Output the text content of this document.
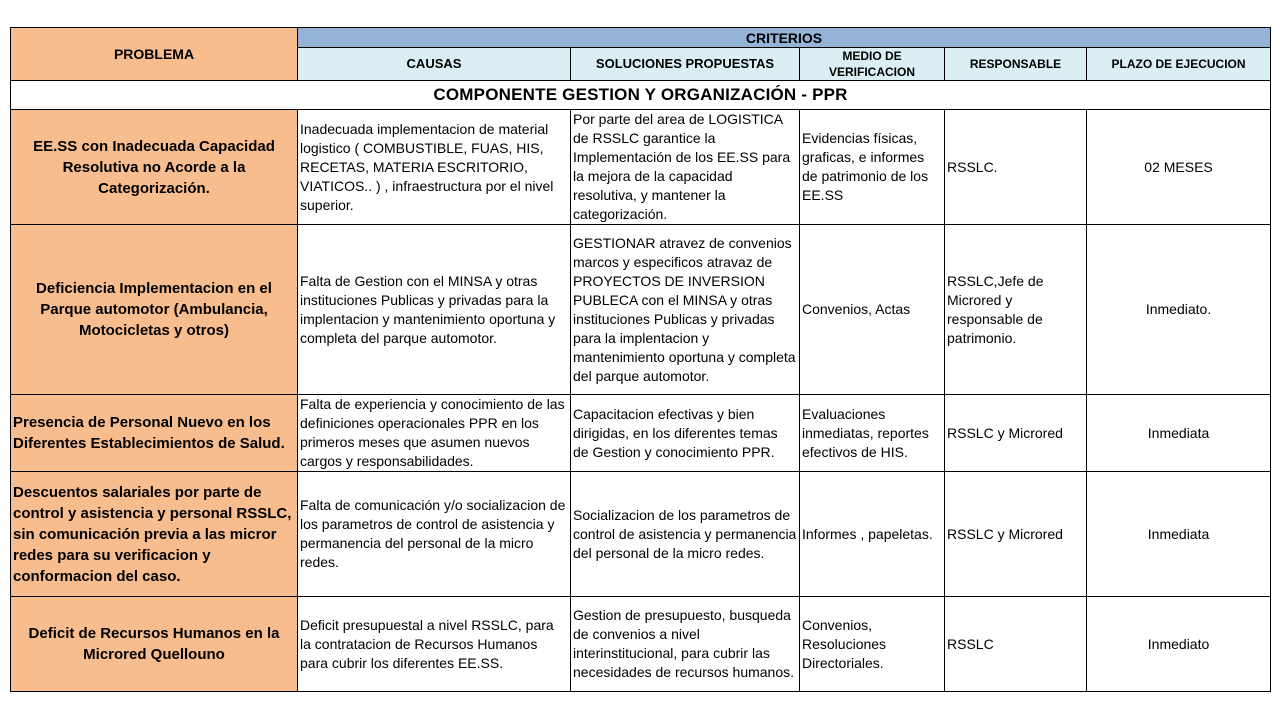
PROBLEMA	CRITERIOS				
	CAUSAS	SOLUCIONES PROPUESTAS	MEDIO DE VERIFICACION	RESPONSABLE	PLAZO DE EJECUCION
COMPONENTE GESTION Y ORGANIZACIÓN - PPR					
EE.SS con Inadecuada Capacidad Resolutiva no Acorde a la Categorización.	Inadecuada implementacion de material logistico ( COMBUSTIBLE, FUAS, HIS, RECETAS, MATERIA ESCRITORIO, VIATICOS.. ) , infraestructura por el nivel superior.	Por parte del area de LOGISTICA de RSSLC garantice la Implementación de los EE.SS para la mejora de la capacidad resolutiva, y mantener la categorización.	Evidencias físicas, graficas, e informes de patrimonio de los EE.SS	RSSLC.	02 MESES
Deficiencia Implementacion en el Parque automotor (Ambulancia, Motocicletas y otros)	Falta de Gestion con el MINSA y otras instituciones Publicas y privadas para la implentacion y mantenimiento oportuna y completa del parque automotor.	GESTIONAR atravez de convenios marcos y especificos atravaz de PROYECTOS DE INVERSION PUBLECA con el MINSA y otras instituciones Publicas y privadas para la implentacion y mantenimiento oportuna y completa del parque automotor.	Convenios, Actas	RSSLC,Jefe de Microred y responsable de patrimonio.	Inmediato.
Presencia de Personal Nuevo en los Diferentes Establecimientos de Salud.	Falta de experiencia y conocimiento de las definiciones operacionales PPR en los primeros meses que asumen nuevos cargos y responsabilidades.	Capacitacion efectivas y bien dirigidas, en los diferentes temas de Gestion y conocimiento PPR.	Evaluaciones inmediatas, reportes efectivos de HIS.	RSSLC y Microred	Inmediata
Descuentos salariales por parte de control y asistencia y personal RSSLC, sin comunicación previa a las micror redes para su verificacion y conformacion del caso.	Falta de comunicación y/o socializacion de los parametros de control de asistencia y permanencia del personal de la micro redes.	Socializacion de los parametros de control de asistencia y permanencia del personal de la micro redes.	Informes , papeletas.	RSSLC y Microred	Inmediata
Deficit de Recursos Humanos en la Microred Quellouno	Deficit presupuestal a nivel RSSLC, para la contratacion de Recursos Humanos para cubrir los diferentes EE.SS.	Gestion de presupuesto, busqueda de convenios a nivel interinstitucional, para cubrir las necesidades de recursos humanos.	Convenios, Resoluciones Directoriales.	RSSLC	Inmediato
